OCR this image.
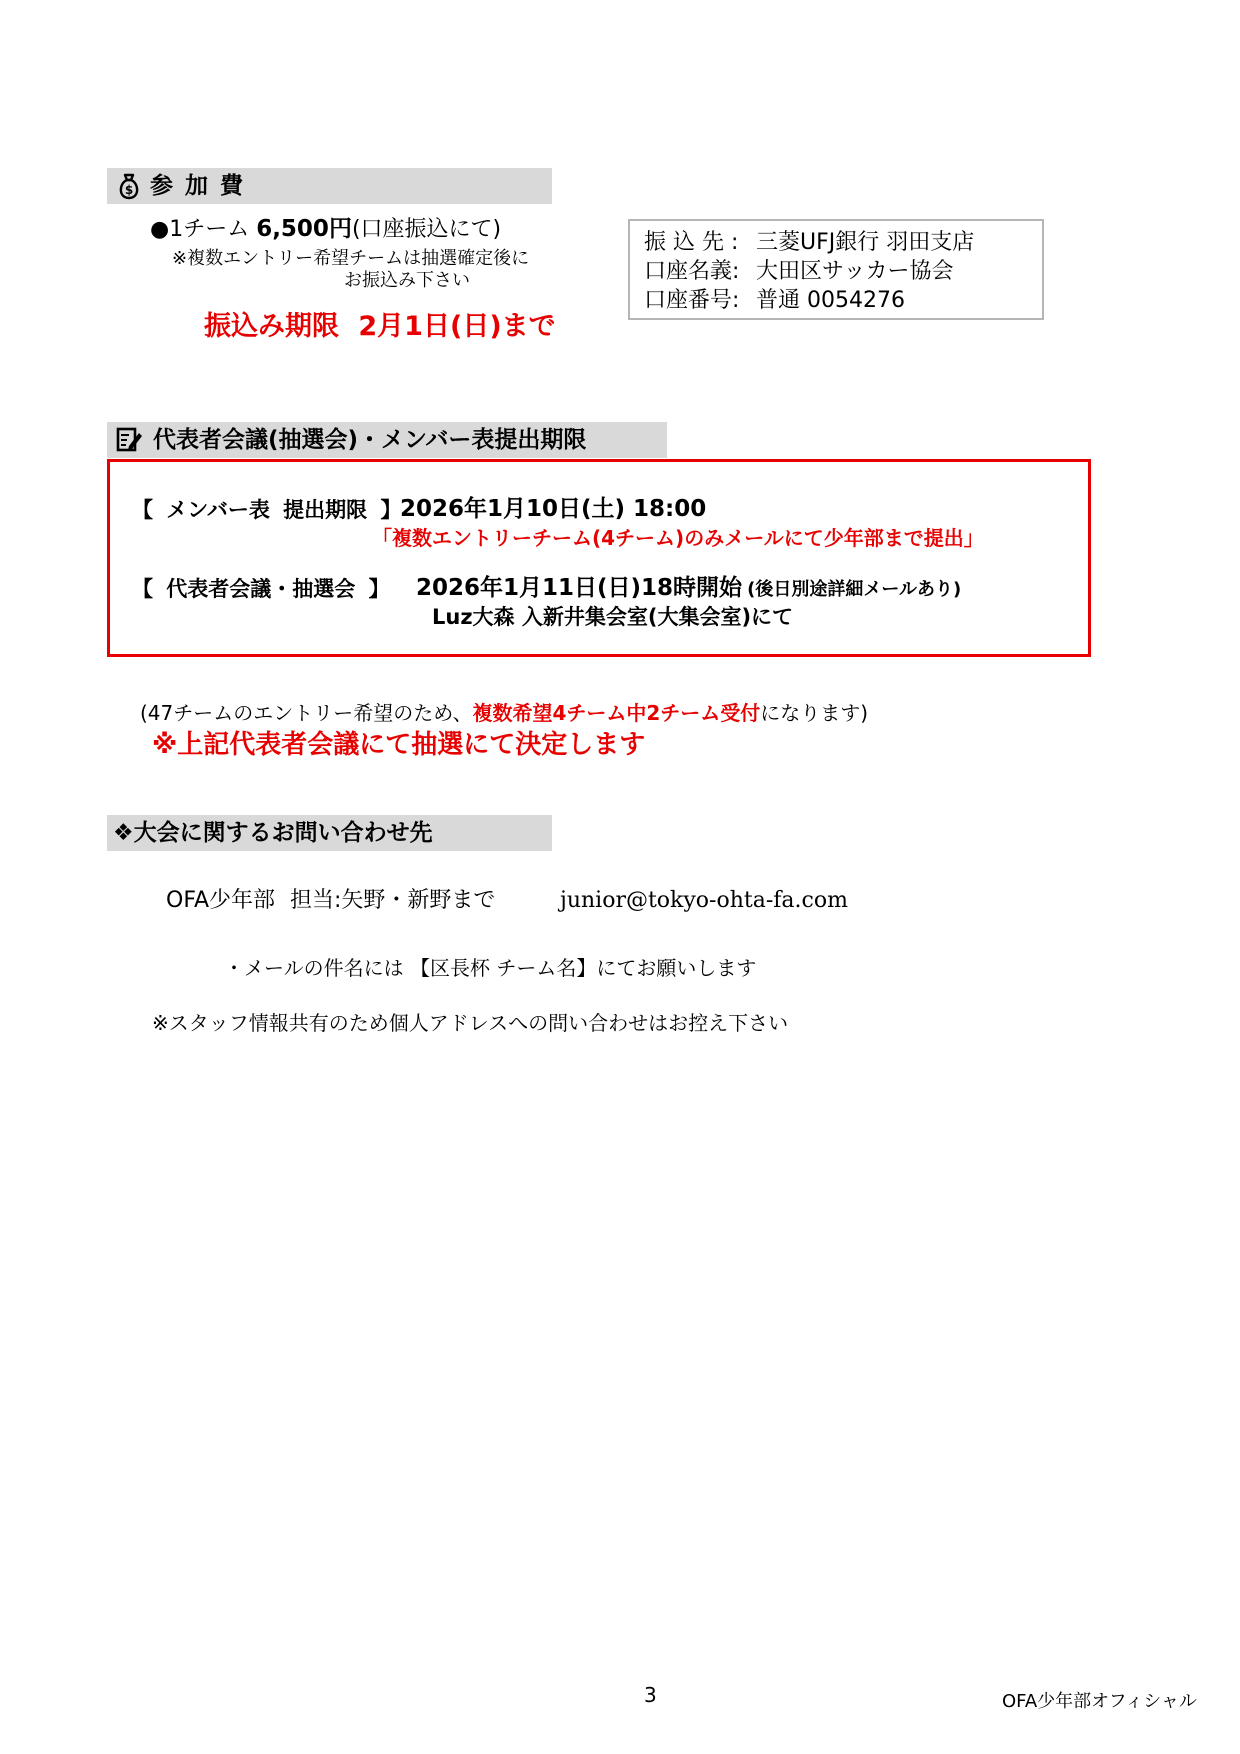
$ 参 加 費
●1チーム 6,500円(口座振込にて)
※複数エントリー希望チームは抽選確定後に
お振込み下さい
振込み期限 2月1日(日)まで
振 込 先 : 三菱UFJ銀行 羽田支店
口座名義: 大田区サッカー協会
口座番号: 普通 0054276
代表者会議(抽選会)・メンバー表提出期限
【 メンバー表 提出期限 】
2026年1月10日(土) 18:00
「複数エントリーチーム(4チーム)のみメールにて少年部まで提出」
【 代表者会議・抽選会 】 2026年1月11日(日)18時開始 (後日別途詳細メールあり)
Luz大森 入新井集会室(大集会室)にて
(47チームのエントリー希望のため、複数希望4チーム中2チーム受付になります)
※上記代表者会議にて抽選にて決定します
❖大会に関するお問い合わせ先
OFA少年部 担当:矢野・新野まで	junior@tokyo-ohta-fa.com
・メールの件名には 【区長杯 チーム名】にてお願いします
※スタッフ情報共有のため個人アドレスへの問い合わせはお控え下さい
3	OFA少年部オフィシャル
